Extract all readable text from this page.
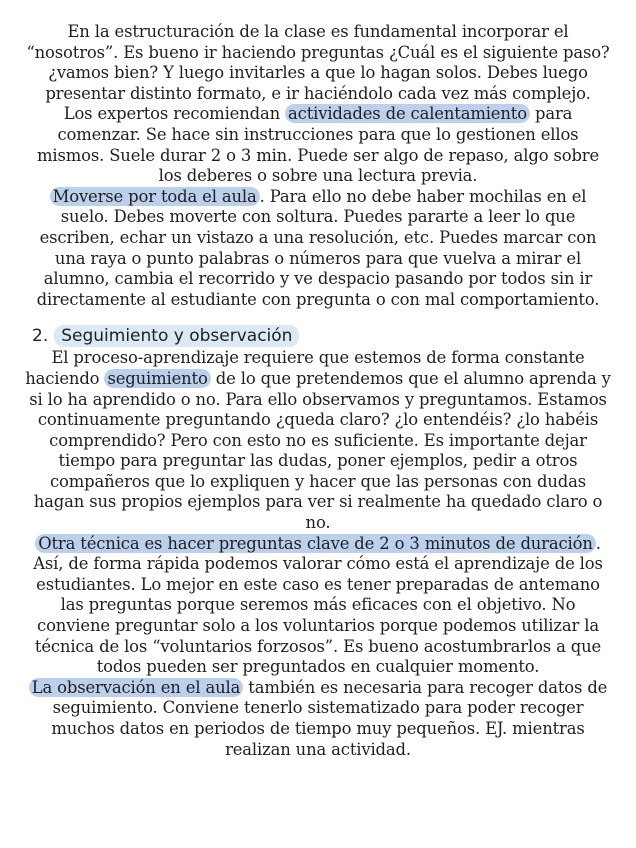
En la estructuración de la clase es fundamental incorporar el “nosotros”. Es bueno ir haciendo preguntas ¿Cuál es el siguiente paso? ¿vamos bien? Y luego invitarles a que lo hagan solos. Debes luego presentar distinto formato, e ir haciéndolo cada vez más complejo.

Los expertos recomiendan actividades de calentamiento para comenzar. Se hace sin instrucciones para que lo gestionen ellos mismos. Suele durar 2 o 3 min. Puede ser algo de repaso, algo sobre los deberes o sobre una lectura previa.

Moverse por toda el aula . Para ello no debe haber mochilas en el suelo. Debes moverte con soltura. Puedes pararte a leer lo que escriben, echar un vistazo a una resolución, etc. Puedes marcar con una raya o punto palabras o números para que vuelva a mirar el alumno, cambia el recorrido y ve despacio pasando por todos sin ir directamente al estudiante con pregunta o con mal comportamiento.

2. Seguimiento y observación

El proceso-aprendizaje requiere que estemos de forma constante haciendo seguimiento de lo que pretendemos que el alumno aprenda y si lo ha aprendido o no. Para ello observamos y preguntamos. Estamos continuamente preguntando ¿queda claro? ¿lo entendéis? ¿lo habéis comprendido? Pero con esto no es suficiente. Es importante dejar tiempo para preguntar las dudas, poner ejemplos, pedir a otros compañeros que lo expliquen y hacer que las personas con dudas hagan sus propios ejemplos para ver si realmente ha quedado claro o no.

Otra técnica es hacer preguntas clave de 2 o 3 minutos de duración . Así, de forma rápida podemos valorar cómo está el aprendizaje de los estudiantes. Lo mejor en este caso es tener preparadas de antemano las preguntas porque seremos más eficaces con el objetivo. No conviene preguntar solo a los voluntarios porque podemos utilizar la técnica de los “voluntarios forzosos”. Es bueno acostumbrarlos a que todos pueden ser preguntados en cualquier momento.

La observación en el aula también es necesaria para recoger datos de seguimiento. Conviene tenerlo sistematizado para poder recoger muchos datos en periodos de tiempo muy pequeños. EJ. mientras realizan una actividad.
